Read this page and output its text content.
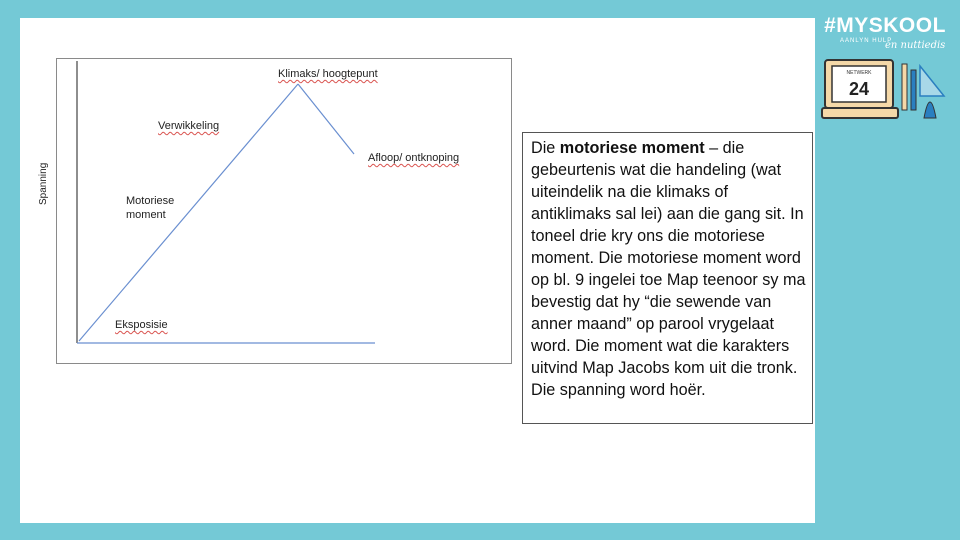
Spanning
Klimaks/ hoogtepunt
Verwikkeling
Afloop/ ontknoping
Motoriese
moment
Eksposisie
Die motoriese moment – die gebeurtenis wat die handeling (wat uiteindelik na die klimaks of antiklimaks sal lei) aan die gang sit. In toneel drie kry ons die motoriese moment. Die motoriese moment word op bl. 9 ingelei toe Map teenoor sy ma bevestig dat hy “die sewende van anner maand” op parool vrygelaat word. Die moment wat die karakters uitvind Map Jacobs kom uit die tronk. Die spanning word hoër.
#MYSKOOL
AANLYN HULP
en nuttiedis
NETWERK
24
